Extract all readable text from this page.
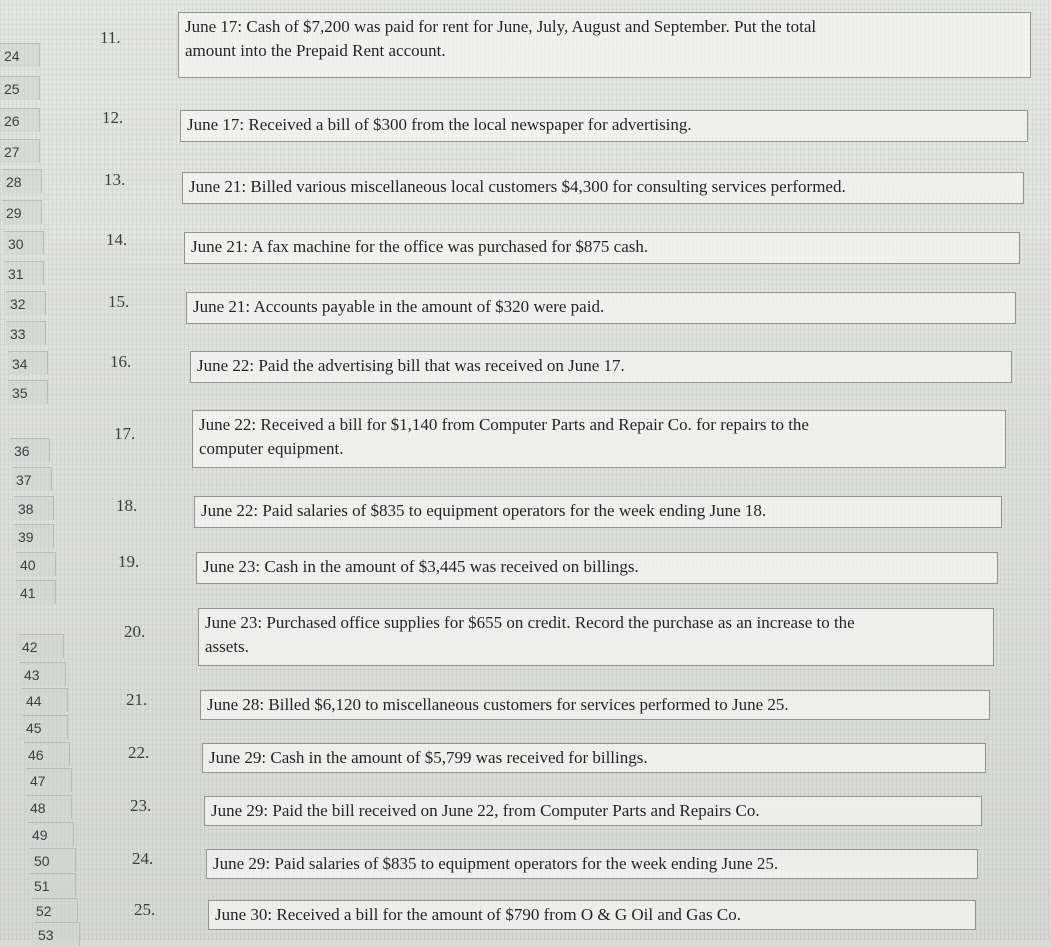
24
25
26
27
28
29
30
31
32
33
34
35
36
37
38
39
40
41
42
43
44
45
46
47
48
49
50
51
52
53
11.
12.
13.
14.
15.
16.
17.
18.
19.
20.
21.
22.
23.
24.
25.
June 17: Cash of $7,200 was paid for rent for June, July, August and September. Put the total
amount into the Prepaid Rent account.
June 17: Received a bill of $300 from the local newspaper for advertising.
June 21: Billed various miscellaneous local customers $4,300 for consulting services performed.
June 21: A fax machine for the office was purchased for $875 cash.
June 21: Accounts payable in the amount of $320 were paid.
June 22: Paid the advertising bill that was received on June 17.
June 22: Received a bill for $1,140 from Computer Parts and Repair Co. for repairs to the
computer equipment.
June 22: Paid salaries of $835 to equipment operators for the week ending June 18.
June 23: Cash in the amount of $3,445 was received on billings.
June 23: Purchased office supplies for $655 on credit. Record the purchase as an increase to the
assets.
June 28: Billed $6,120 to miscellaneous customers for services performed to June 25.
June 29: Cash in the amount of $5,799 was received for billings.
June 29: Paid the bill received on June 22, from Computer Parts and Repairs Co.
June 29: Paid salaries of $835 to equipment operators for the week ending June 25.
June 30: Received a bill for the amount of $790 from O & G Oil and Gas Co.
